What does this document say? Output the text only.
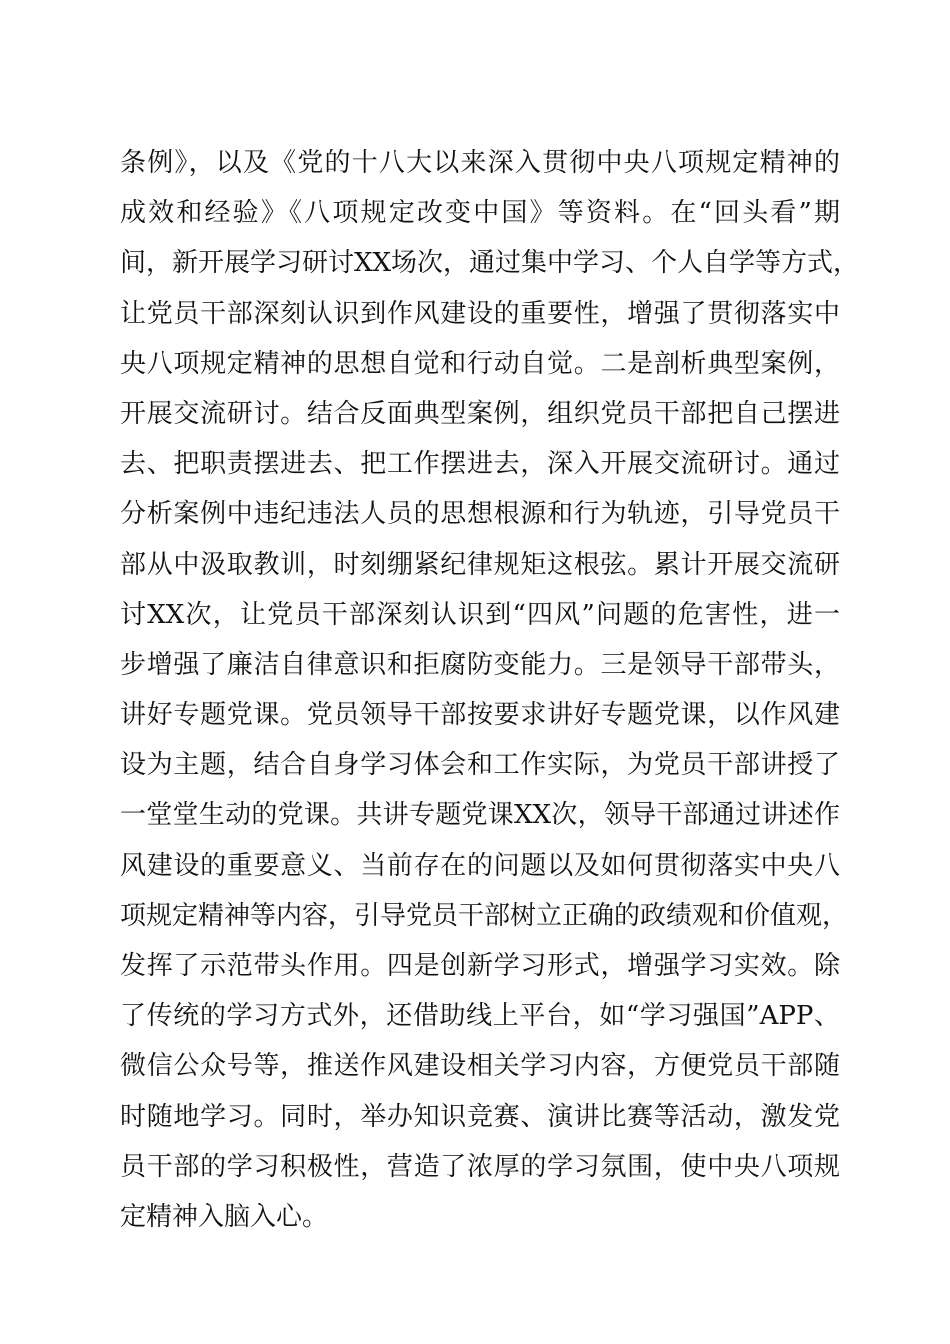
条例》，以及《党的十八大以来深入贯彻中央八项规定精神的
成效和经验》《八项规定改变中国》等资料。在“回头看”期
间，新开展学习研讨XX场次，通过集中学习、个人自学等方式，
让党员干部深刻认识到作风建设的重要性，增强了贯彻落实中
央八项规定精神的思想自觉和行动自觉。二是剖析典型案例，
开展交流研讨。结合反面典型案例，组织党员干部把自己摆进
去、把职责摆进去、把工作摆进去，深入开展交流研讨。通过
分析案例中违纪违法人员的思想根源和行为轨迹，引导党员干
部从中汲取教训，时刻绷紧纪律规矩这根弦。累计开展交流研
讨XX次，让党员干部深刻认识到“四风”问题的危害性，进一
步增强了廉洁自律意识和拒腐防变能力。三是领导干部带头，
讲好专题党课。党员领导干部按要求讲好专题党课，以作风建
设为主题，结合自身学习体会和工作实际，为党员干部讲授了
一堂堂生动的党课。共讲专题党课XX次，领导干部通过讲述作
风建设的重要意义、当前存在的问题以及如何贯彻落实中央八
项规定精神等内容，引导党员干部树立正确的政绩观和价值观，
发挥了示范带头作用。四是创新学习形式，增强学习实效。除
了传统的学习方式外，还借助线上平台，如“学习强国”APP、
微信公众号等，推送作风建设相关学习内容，方便党员干部随
时随地学习。同时，举办知识竞赛、演讲比赛等活动，激发党
员干部的学习积极性，营造了浓厚的学习氛围，使中央八项规
定精神入脑入心。
